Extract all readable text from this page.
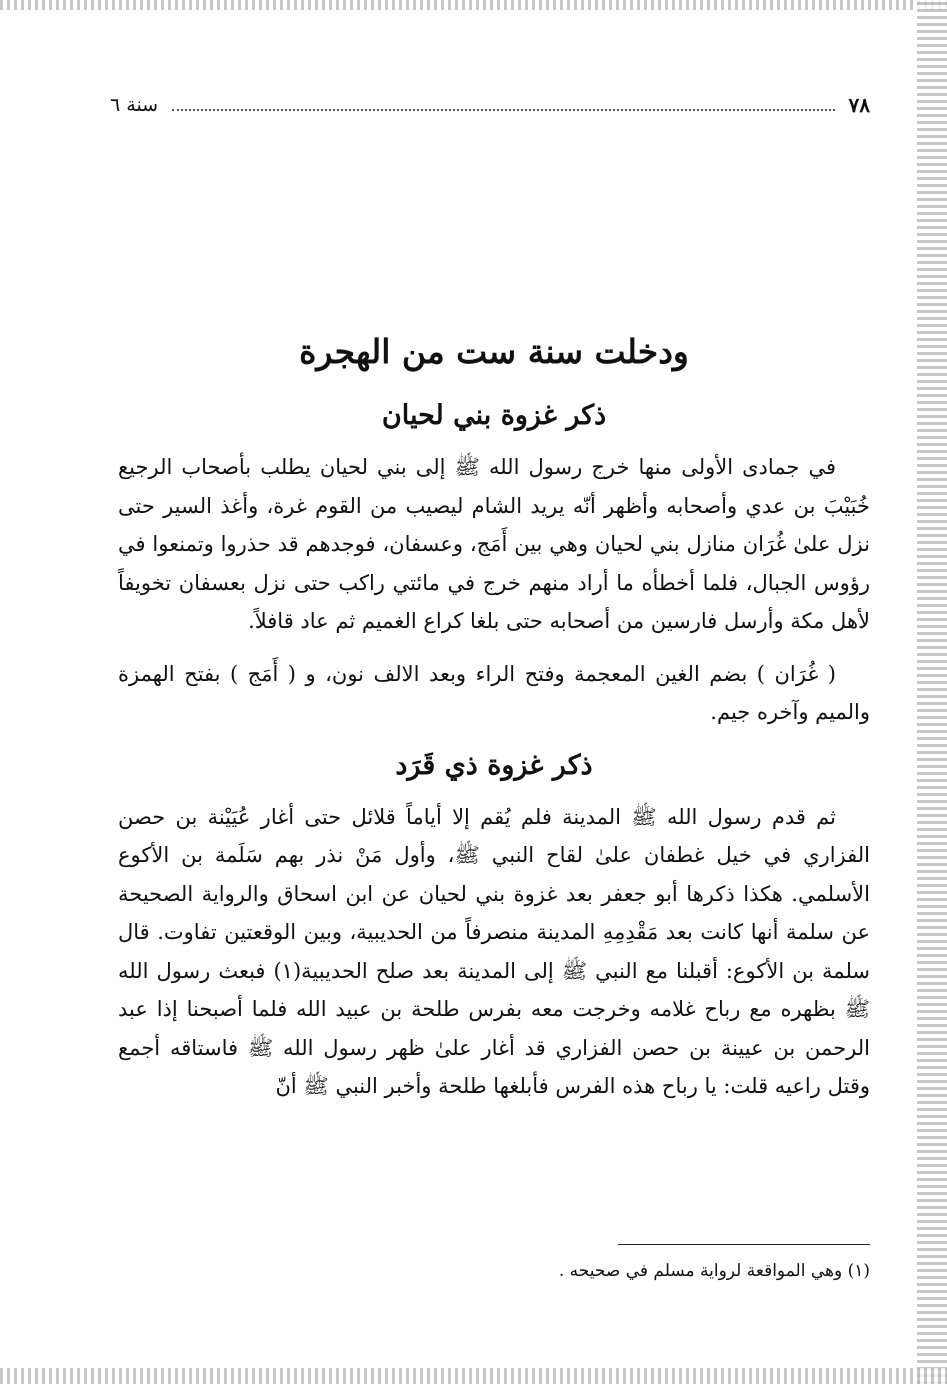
سنة ٦	٧٨
ودخلت سنة ست من الهجرة
ذكر غزوة بني لحيان

في جمادى الأولى منها خرج رسول الله ﷺ إلى بني لحيان يطلب بأصحاب الرجيع خُبَيْبَ بن عدي وأصحابه وأظهر أنّه يريد الشام ليصيب من القوم غرة، وأغذ السير حتى نزل علىٰ غُرَان منازل بني لحيان وهي بين أَمَج، وعسفان، فوجدهم قد حذروا وتمنعوا في رؤوس الجبال، فلما أخطأه ما أراد منهم خرج في مائتي راكب حتى نزل بعسفان تخويفاً لأهل مكة وأرسل فارسين من أصحابه حتى بلغا كراع الغميم ثم عاد قافلاً.

( غُرَان ) بضم الغين المعجمة وفتح الراء وبعد الالف نون، و ( أَمَج ) بفتح الهمزة والميم وآخره جيم.

ذكر غزوة ذي قَرَد

ثم قدم رسول الله ﷺ المدينة فلم يُقم إلا أياماً قلائل حتى أغار عُيَيْنة بن حصن الفزاري في خيل غطفان علىٰ لقاح النبي ﷺ، وأول مَنْ نذر بهم سَلَمة بن الأكوع الأسلمي. هكذا ذكرها أبو جعفر بعد غزوة بني لحيان عن ابن اسحاق والرواية الصحيحة عن سلمة أنها كانت بعد مَقْدِمِهِ المدينة منصرفاً من الحديبية، وبين الوقعتين تفاوت. قال سلمة بن الأكوع: أقبلنا مع النبي ﷺ إلى المدينة بعد صلح الحديبية(١) فبعث رسول الله ﷺ بظهره مع رباح غلامه وخرجت معه بفرس طلحة بن عبيد الله فلما أصبحنا إذا عبد الرحمن بن عيينة بن حصن الفزاري قد أغار علىٰ ظهر رسول الله ﷺ فاستاقه أجمع وقتل راعيه قلت: يا رباح هذه الفرس فأبلغها طلحة وأخبر النبي ﷺ أنّ

(١) وهي المواقعة لرواية مسلم في صحيحه .
